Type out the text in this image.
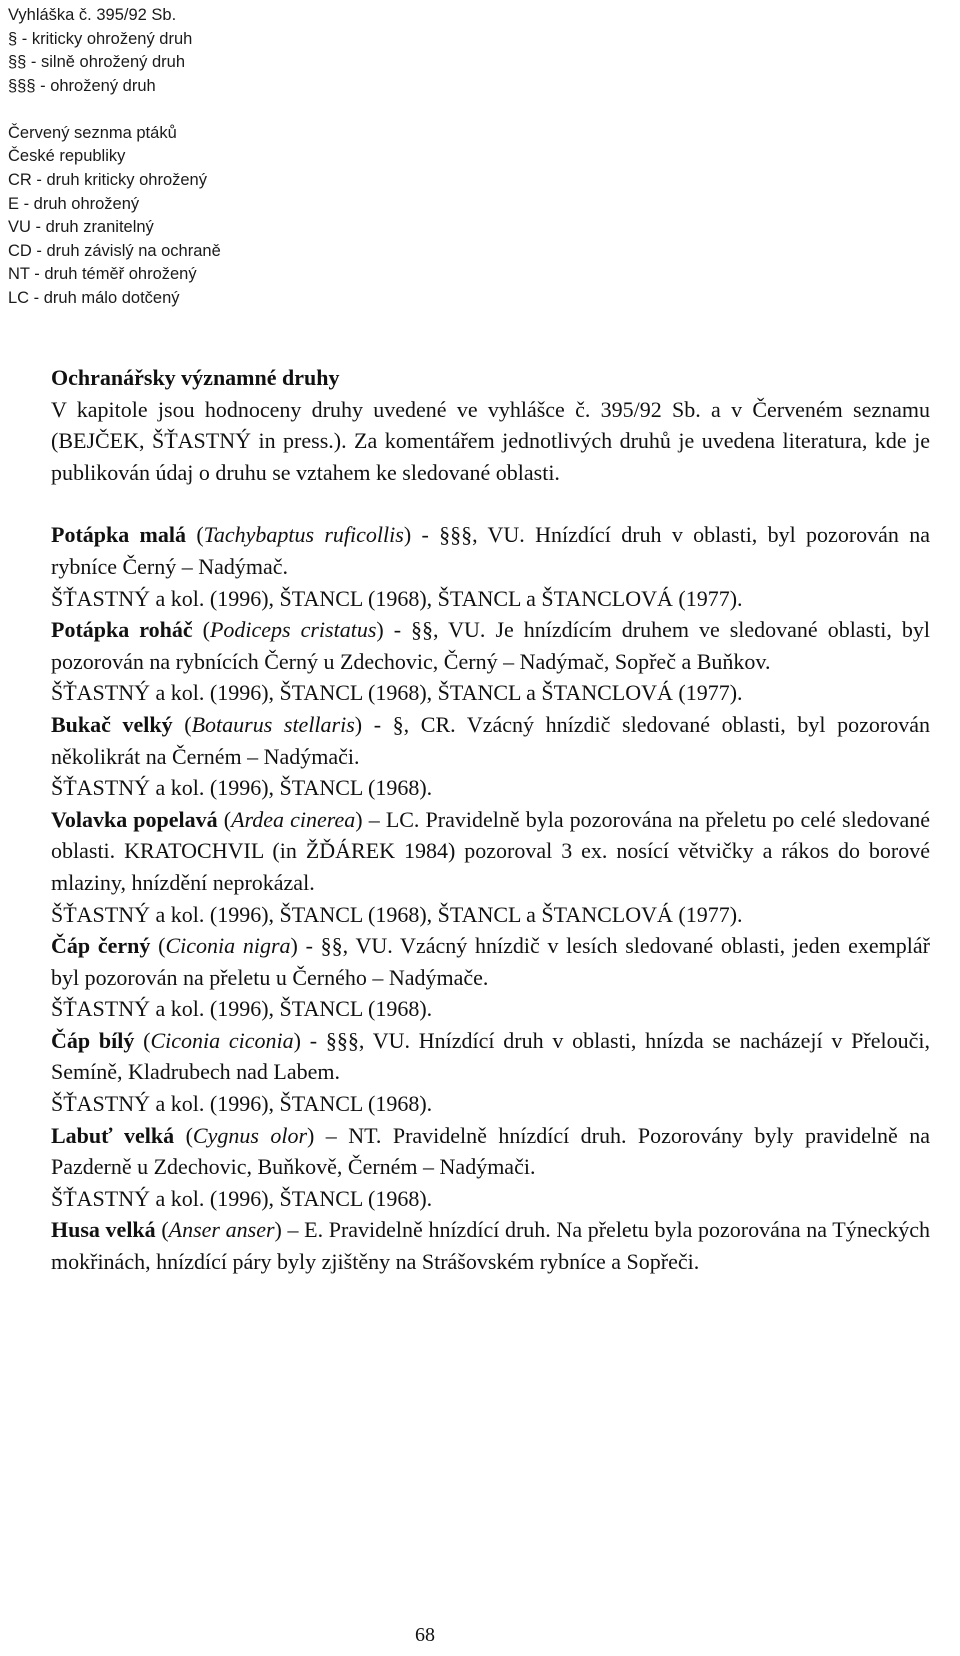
Vyhláška č. 395/92 Sb.
§ - kriticky ohrožený druh
§§ - silně ohrožený druh
§§§ - ohrožený druh
Červený seznma ptáků
České republiky
CR - druh kriticky ohrožený
E - druh ohrožený
VU - druh zranitelný
CD - druh závislý na ochraně
NT - druh téměř ohrožený
LC - druh málo dotčený
Ochranářsky významné druhy
V kapitole jsou hodnoceny druhy uvedené ve vyhlášce č. 395/92 Sb. a v Červeném seznamu (BEJČEK, ŠŤASTNÝ in press.). Za komentářem jednotlivých druhů je uvedena literatura, kde je publikován údaj o druhu se vztahem ke sledované oblasti.
Potápka malá (Tachybaptus ruficollis) - §§§, VU. Hnízdící druh v oblasti, byl pozorován na rybníce Černý – Nadýmač.
ŠŤASTNÝ a kol. (1996), ŠTANCL (1968), ŠTANCL a ŠTANCLOVÁ (1977).
Potápka roháč (Podiceps cristatus) - §§, VU. Je hnízdícím druhem ve sledované oblasti, byl pozorován na rybnících Černý u Zdechovic, Černý – Nadýmač, Sopřeč a Buňkov.
ŠŤASTNÝ a kol. (1996), ŠTANCL (1968), ŠTANCL a ŠTANCLOVÁ (1977).
Bukač velký (Botaurus stellaris) - §, CR. Vzácný hnízdič sledované oblasti, byl pozorován několikrát na Černém – Nadýmači.
ŠŤASTNÝ a kol. (1996), ŠTANCL (1968).
Volavka popelavá (Ardea cinerea) – LC. Pravidelně byla pozorována na přeletu po celé sledované oblasti. KRATOCHVIL (in ŽĎÁREK 1984) pozoroval 3 ex. nosící větvičky a rákos do borové mlaziny, hnízdění neprokázal.
ŠŤASTNÝ a kol. (1996), ŠTANCL (1968), ŠTANCL a ŠTANCLOVÁ (1977).
Čáp černý (Ciconia nigra) - §§, VU. Vzácný hnízdič v lesích sledované oblasti, jeden exemplář byl pozorován na přeletu u Černého – Nadýmače.
ŠŤASTNÝ a kol. (1996), ŠTANCL (1968).
Čáp bílý (Ciconia ciconia) - §§§, VU. Hnízdící druh v oblasti, hnízda se nacházejí v Přelouči, Semíně, Kladrubech nad Labem.
ŠŤASTNÝ a kol. (1996), ŠTANCL (1968).
Labuť velká (Cygnus olor) – NT. Pravidelně hnízdící druh. Pozorovány byly pravidelně na Pazderně u Zdechovic, Buňkově, Černém – Nadýmači.
ŠŤASTNÝ a kol. (1996), ŠTANCL (1968).
Husa velká (Anser anser) – E. Pravidelně hnízdící druh. Na přeletu byla pozorována na Týneckých mokřinách, hnízdící páry byly zjištěny na Strášovském rybníce a Sopřeči.
68
